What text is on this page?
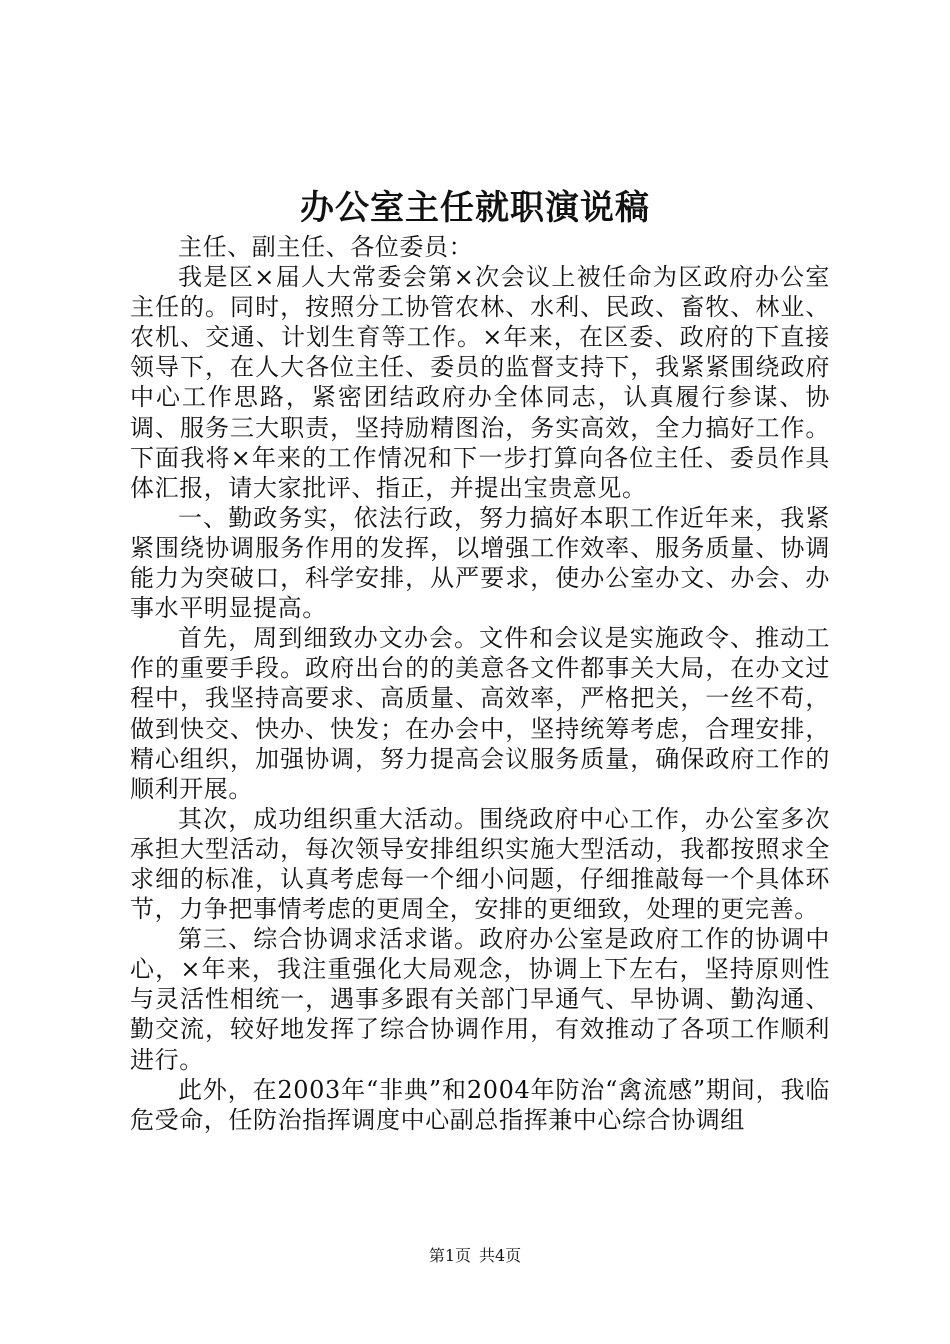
办公室主任就职演说稿

主任、副主任、各位委员：

我是区×届人大常委会第×次会议上被任命为区政府办公室主任的。同时，按照分工协管农林、水利、民政、畜牧、林业、农机、交通、计划生育等工作。×年来，在区委、政府的下直接领导下，在人大各位主任、委员的监督支持下，我紧紧围绕政府中心工作思路，紧密团结政府办全体同志，认真履行参谋、协调、服务三大职责，坚持励精图治，务实高效，全力搞好工作。下面我将×年来的工作情况和下一步打算向各位主任、委员作具体汇报，请大家批评、指正，并提出宝贵意见。

一、勤政务实，依法行政，努力搞好本职工作近年来，我紧紧围绕协调服务作用的发挥，以增强工作效率、服务质量、协调能力为突破口，科学安排，从严要求，使办公室办文、办会、办事水平明显提高。

首先，周到细致办文办会。文件和会议是实施政令、推动工作的重要手段。政府出台的的美意各文件都事关大局，在办文过程中，我坚持高要求、高质量、高效率，严格把关，一丝不苟，做到快交、快办、快发；在办会中，坚持统筹考虑，合理安排，精心组织，加强协调，努力提高会议服务质量，确保政府工作的顺利开展。

其次，成功组织重大活动。围绕政府中心工作，办公室多次承担大型活动，每次领导安排组织实施大型活动，我都按照求全求细的标准，认真考虑每一个细小问题，仔细推敲每一个具体环节，力争把事情考虑的更周全，安排的更细致，处理的更完善。

第三、综合协调求活求谐。政府办公室是政府工作的协调中心，×年来，我注重强化大局观念，协调上下左右，坚持原则性与灵活性相统一，遇事多跟有关部门早通气、早协调、勤沟通、勤交流，较好地发挥了综合协调作用，有效推动了各项工作顺利进行。

此外，在2003年“非典”和2004年防治“禽流感”期间，我临危受命，任防治指挥调度中心副总指挥兼中心综合协调组

第1页 共4页
